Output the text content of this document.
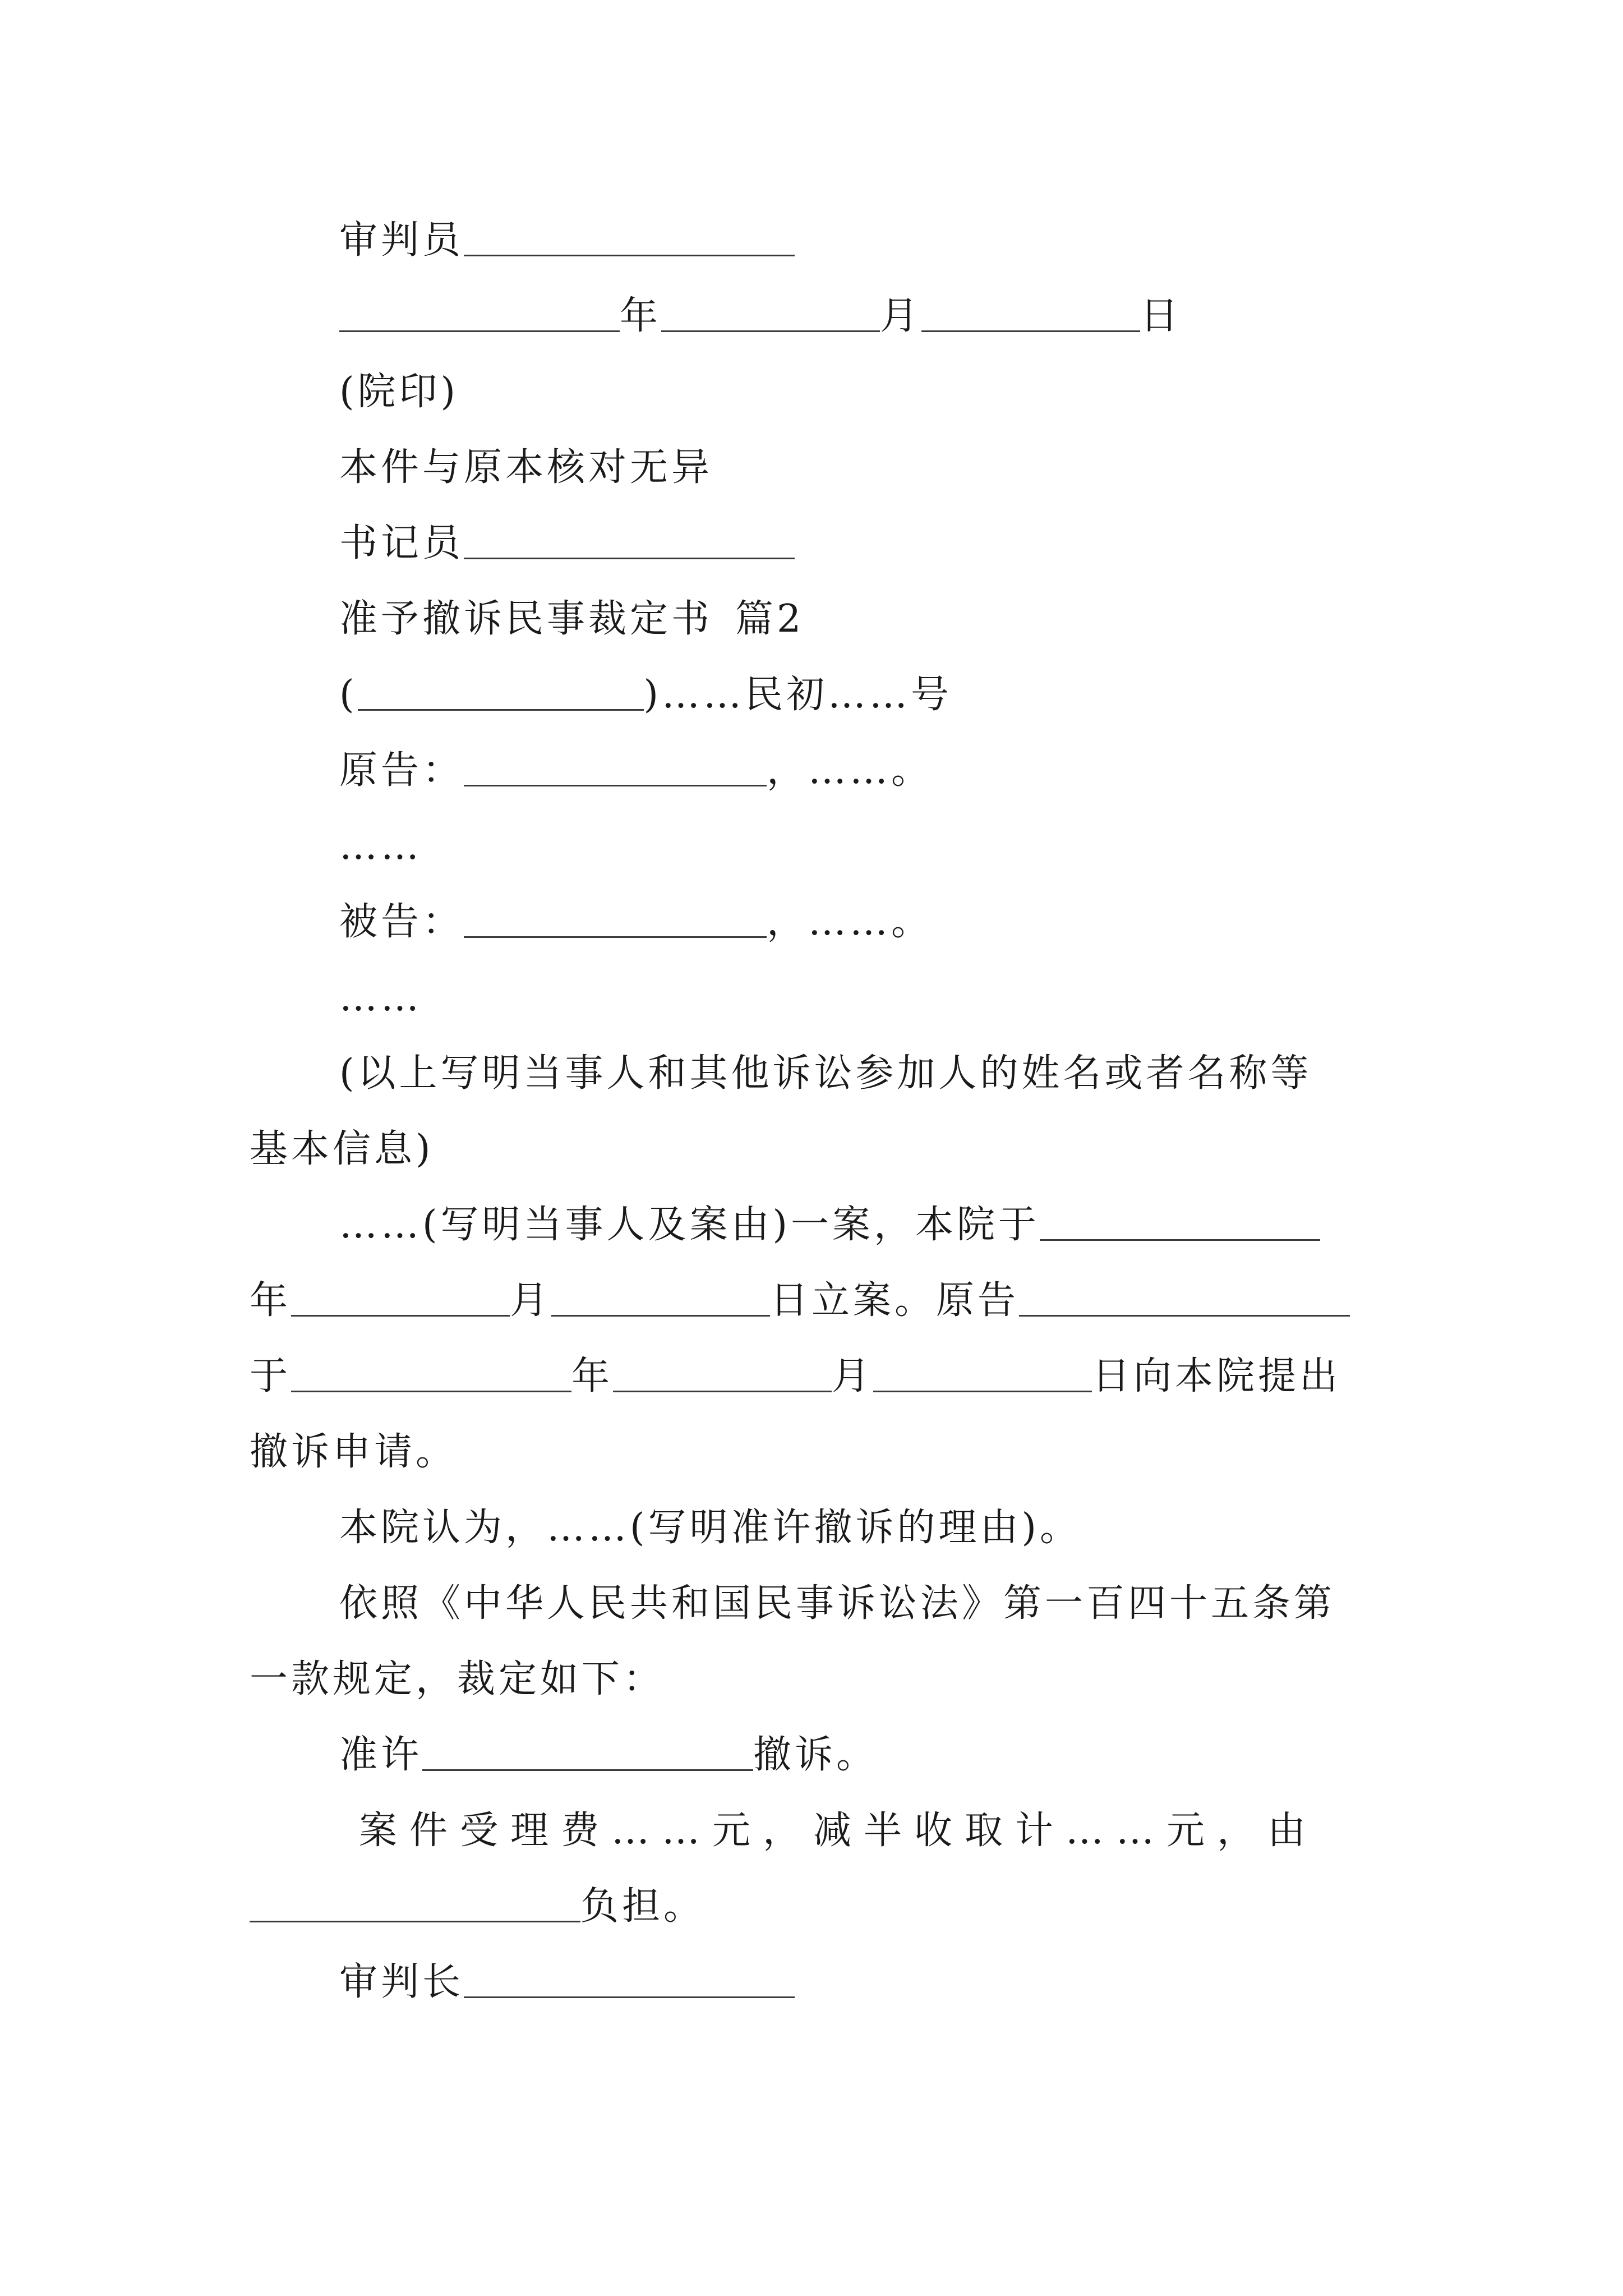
审判员
年	月	日
(院印)
本件与原本核对无异
书记员
准予撤诉民事裁定书 篇2
(	)……民初……号
原告：	，……。
……
被告：	，……。
……
(以上写明当事人和其他诉讼参加人的姓名或者名称等
基本信息)
……(写明当事人及案由)一案，本院于
年	月	日立案。原告
于	年	月	日向本院提出
撤诉申请。
本院认为，……(写明准许撤诉的理由)。
依照《中华人民共和国民事诉讼法》第一百四十五条第
一款规定，裁定如下：
准许	撤诉。
案件受理费……元，减半收取计……元，由
负担。
审判长
